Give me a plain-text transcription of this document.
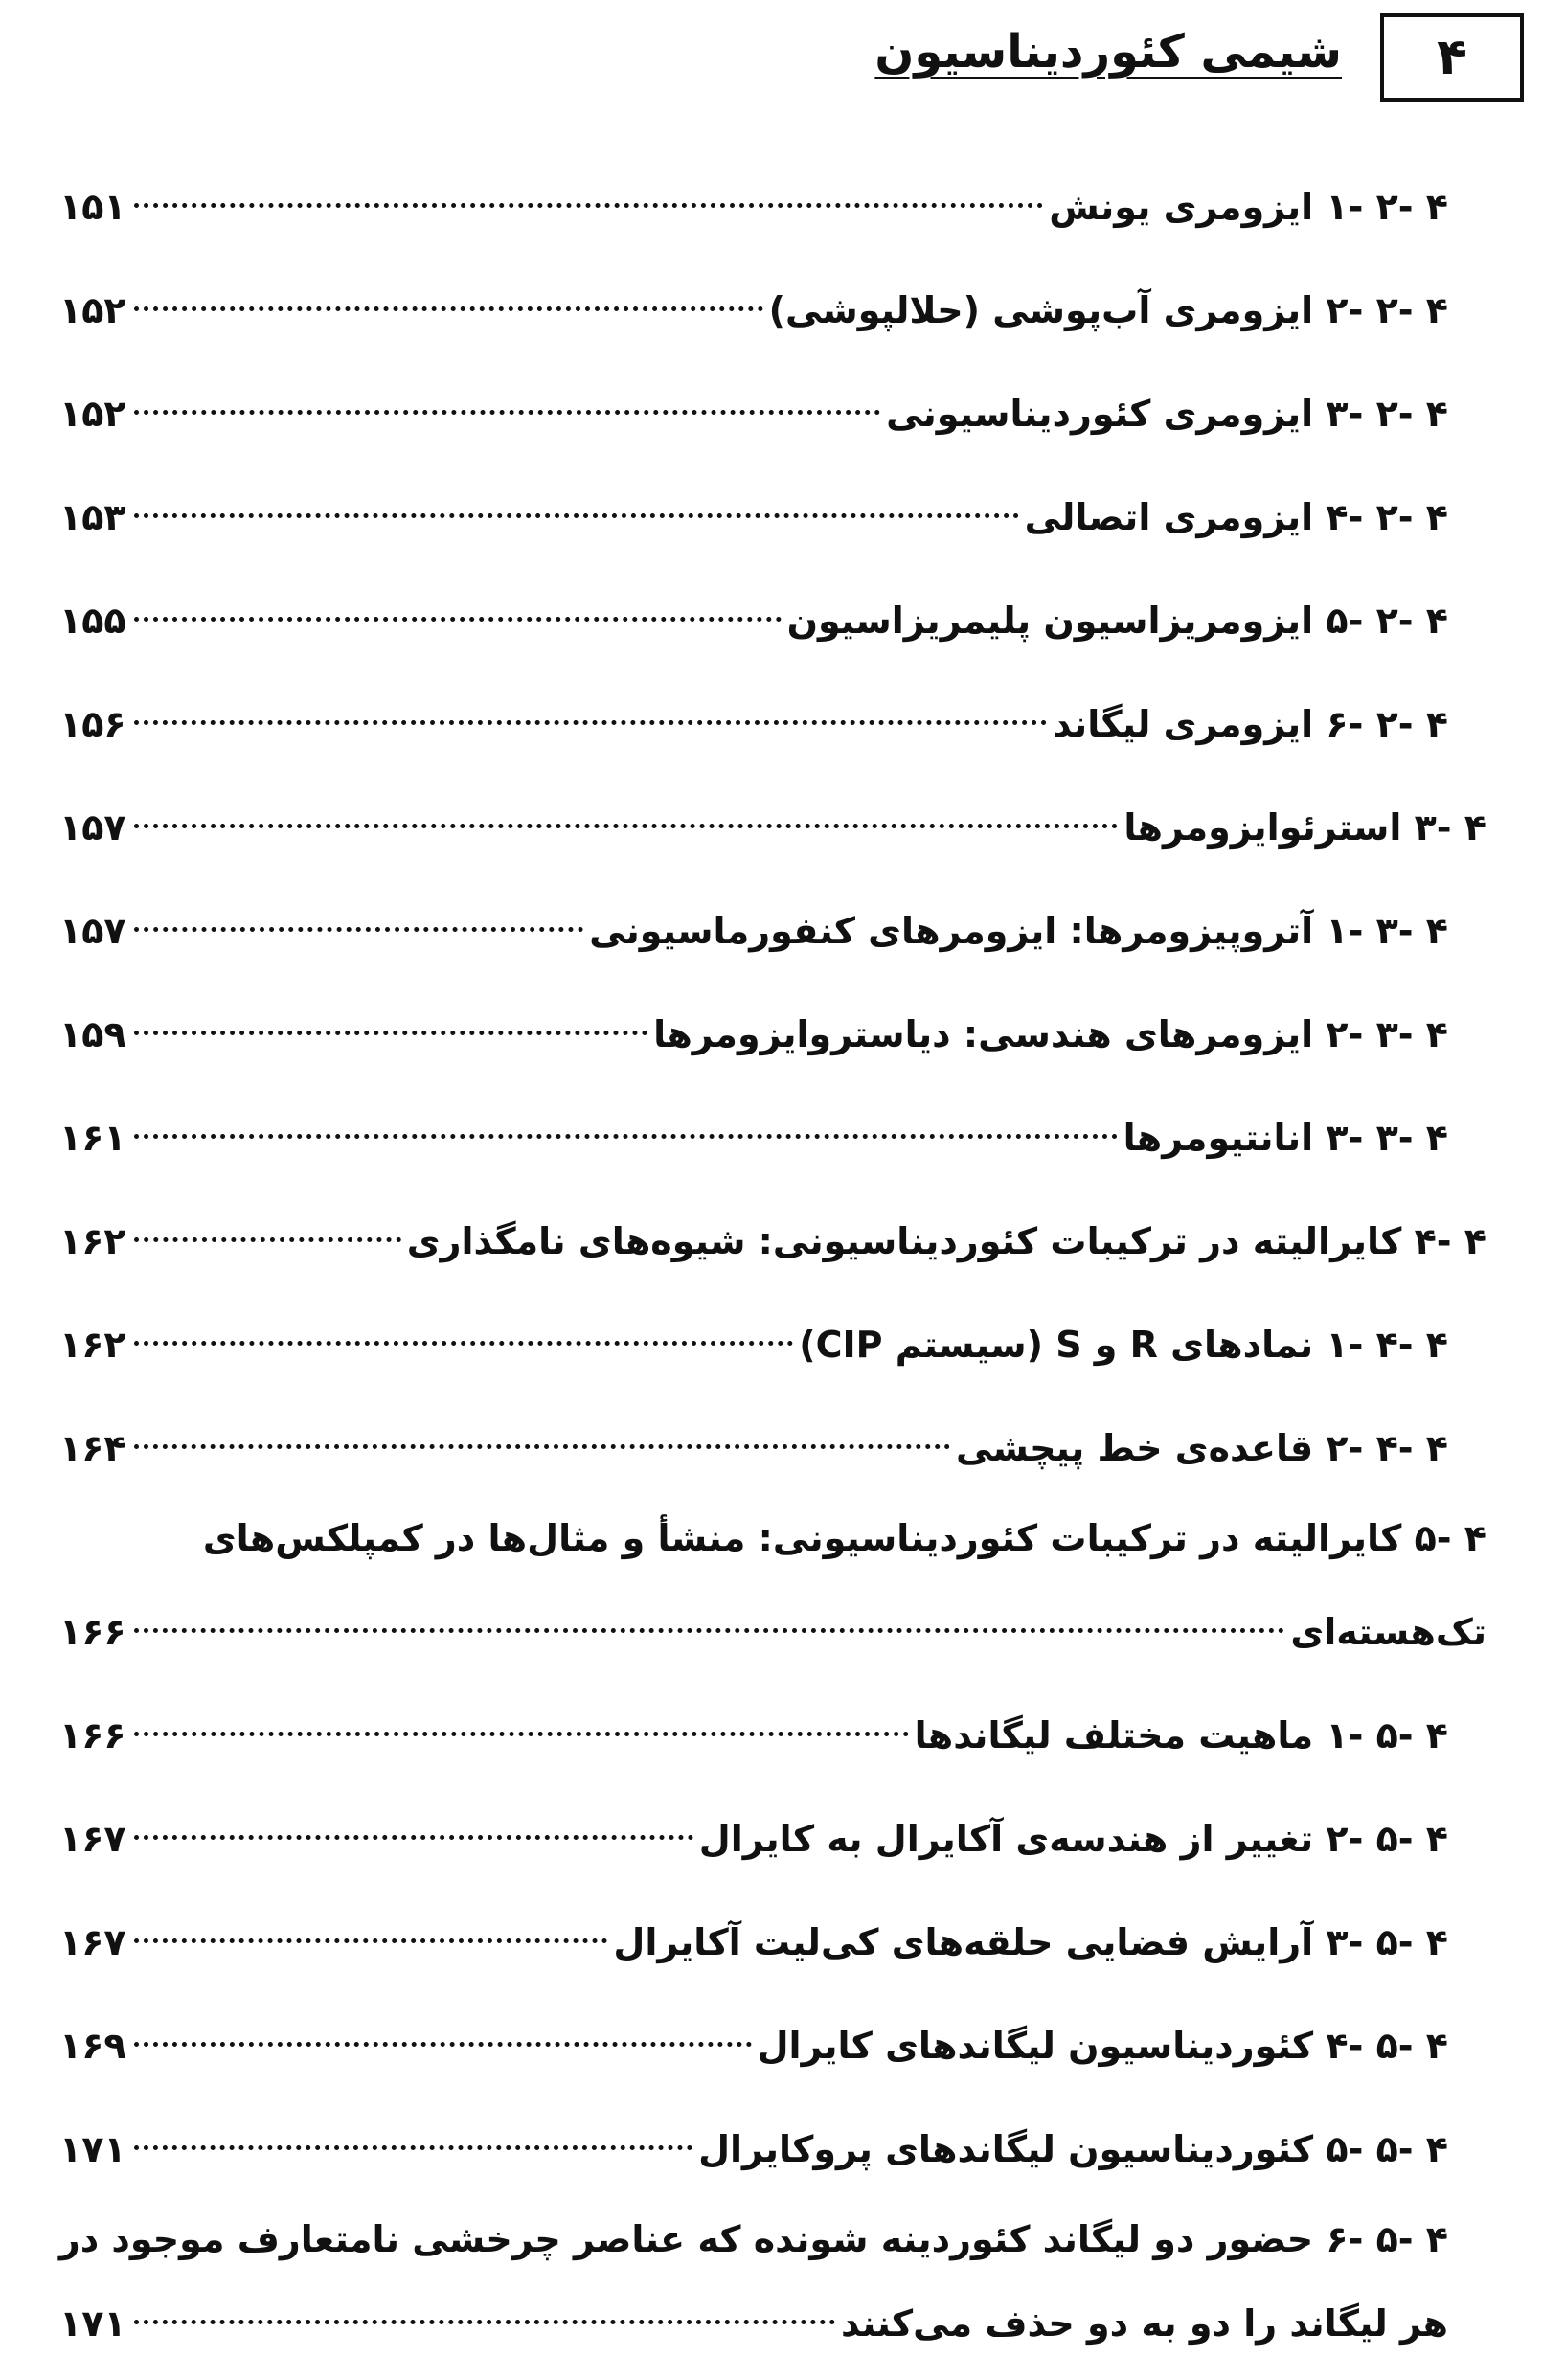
۴
شیمی کئوردیناسیون
۴ -۲ -۱ ایزومری یونش
۱۵۱
۴ -۲ -۲ ایزومری آب‌پوشی (حلالپوشی)
۱۵۲
۴ -۲ -۳ ایزومری کئوردیناسیونی
۱۵۲
۴ -۲ -۴ ایزومری اتصالی
۱۵۳
۴ -۲ -۵ ایزومریزاسیون پلیمریزاسیون
۱۵۵
۴ -۲ -۶ ایزومری لیگاند
۱۵۶
۴ -۳ استرئوایزومرها
۱۵۷
۴ -۳ -۱ آتروپیزومرها: ایزومرهای کنفورماسیونی
۱۵۷
۴ -۳ -۲ ایزومرهای هندسی: دیاستروایزومرها
۱۵۹
۴ -۳ -۳ انانتیومرها
۱۶۱
۴ -۴ کایرالیته در ترکیبات کئوردیناسیونی: شیوه‌های نامگذاری
۱۶۲
۴ -۴ -۱ نمادهای R و S (سیستم CIP)
۱۶۲
۴ -۴ -۲ قاعده‌ی خط پیچشی
۱۶۴
۴ -۵ کایرالیته در ترکیبات کئوردیناسیونی: منشأ و مثال‌ها در کمپلکس‌های
تک‌هسته‌ای
۱۶۶
۴ -۵ -۱ ماهیت مختلف لیگاندها
۱۶۶
۴ -۵ -۲ تغییر از هندسه‌ی آکایرال به کایرال
۱۶۷
۴ -۵ -۳ آرایش فضایی حلقه‌های کی‌لیت آکایرال
۱۶۷
۴ -۵ -۴ کئوردیناسیون لیگاندهای کایرال
۱۶۹
۴ -۵ -۵ کئوردیناسیون لیگاندهای پروکایرال
۱۷۱
۴ -۵ -۶ حضور دو لیگاند کئوردینه شونده که عناصر چرخشی نامتعارف موجود در
هر لیگاند را دو به دو حذف می‌کنند
۱۷۱
